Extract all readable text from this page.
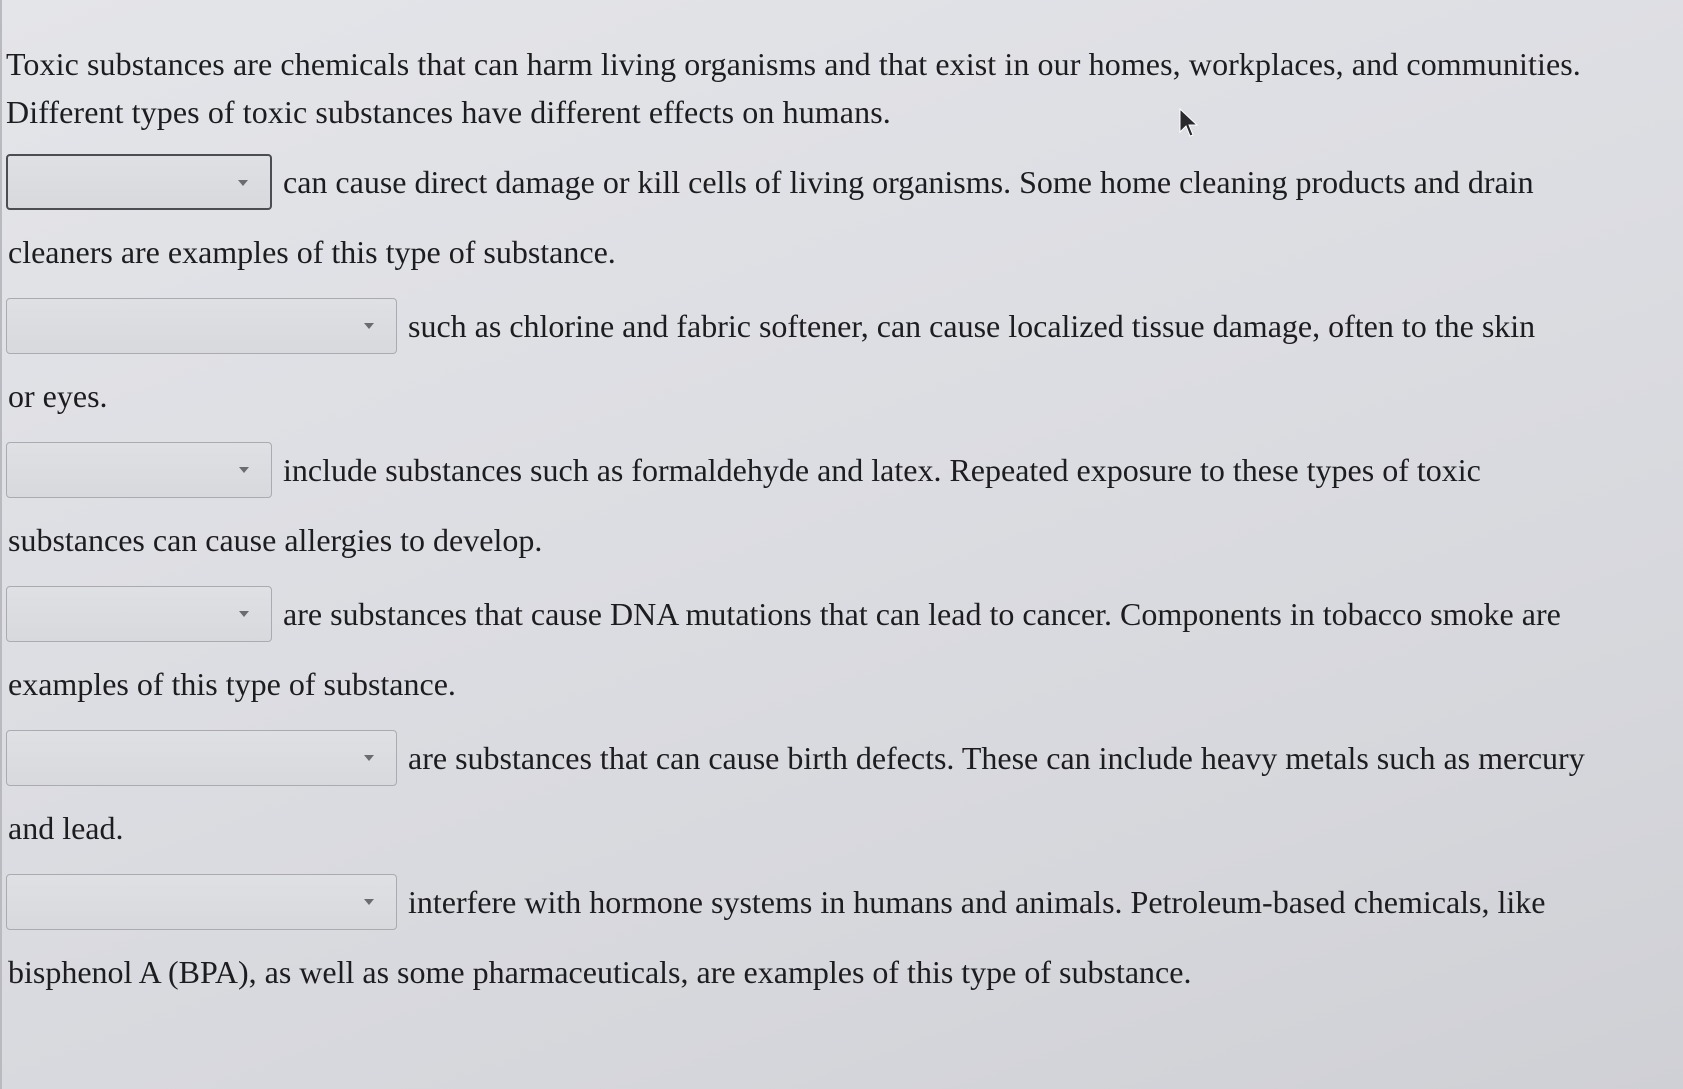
Toxic substances are chemicals that can harm living organisms and that exist in our homes, workplaces, and communities.
Different types of toxic substances have different effects on humans.
can cause direct damage or kill cells of living organisms. Some home cleaning products and drain
cleaners are examples of this type of substance.
such as chlorine and fabric softener, can cause localized tissue damage, often to the skin
or eyes.
include substances such as formaldehyde and latex. Repeated exposure to these types of toxic
substances can cause allergies to develop.
are substances that cause DNA mutations that can lead to cancer. Components in tobacco smoke are
examples of this type of substance.
are substances that can cause birth defects. These can include heavy metals such as mercury
and lead.
interfere with hormone systems in humans and animals. Petroleum-based chemicals, like
bisphenol A (BPA), as well as some pharmaceuticals, are examples of this type of substance.
